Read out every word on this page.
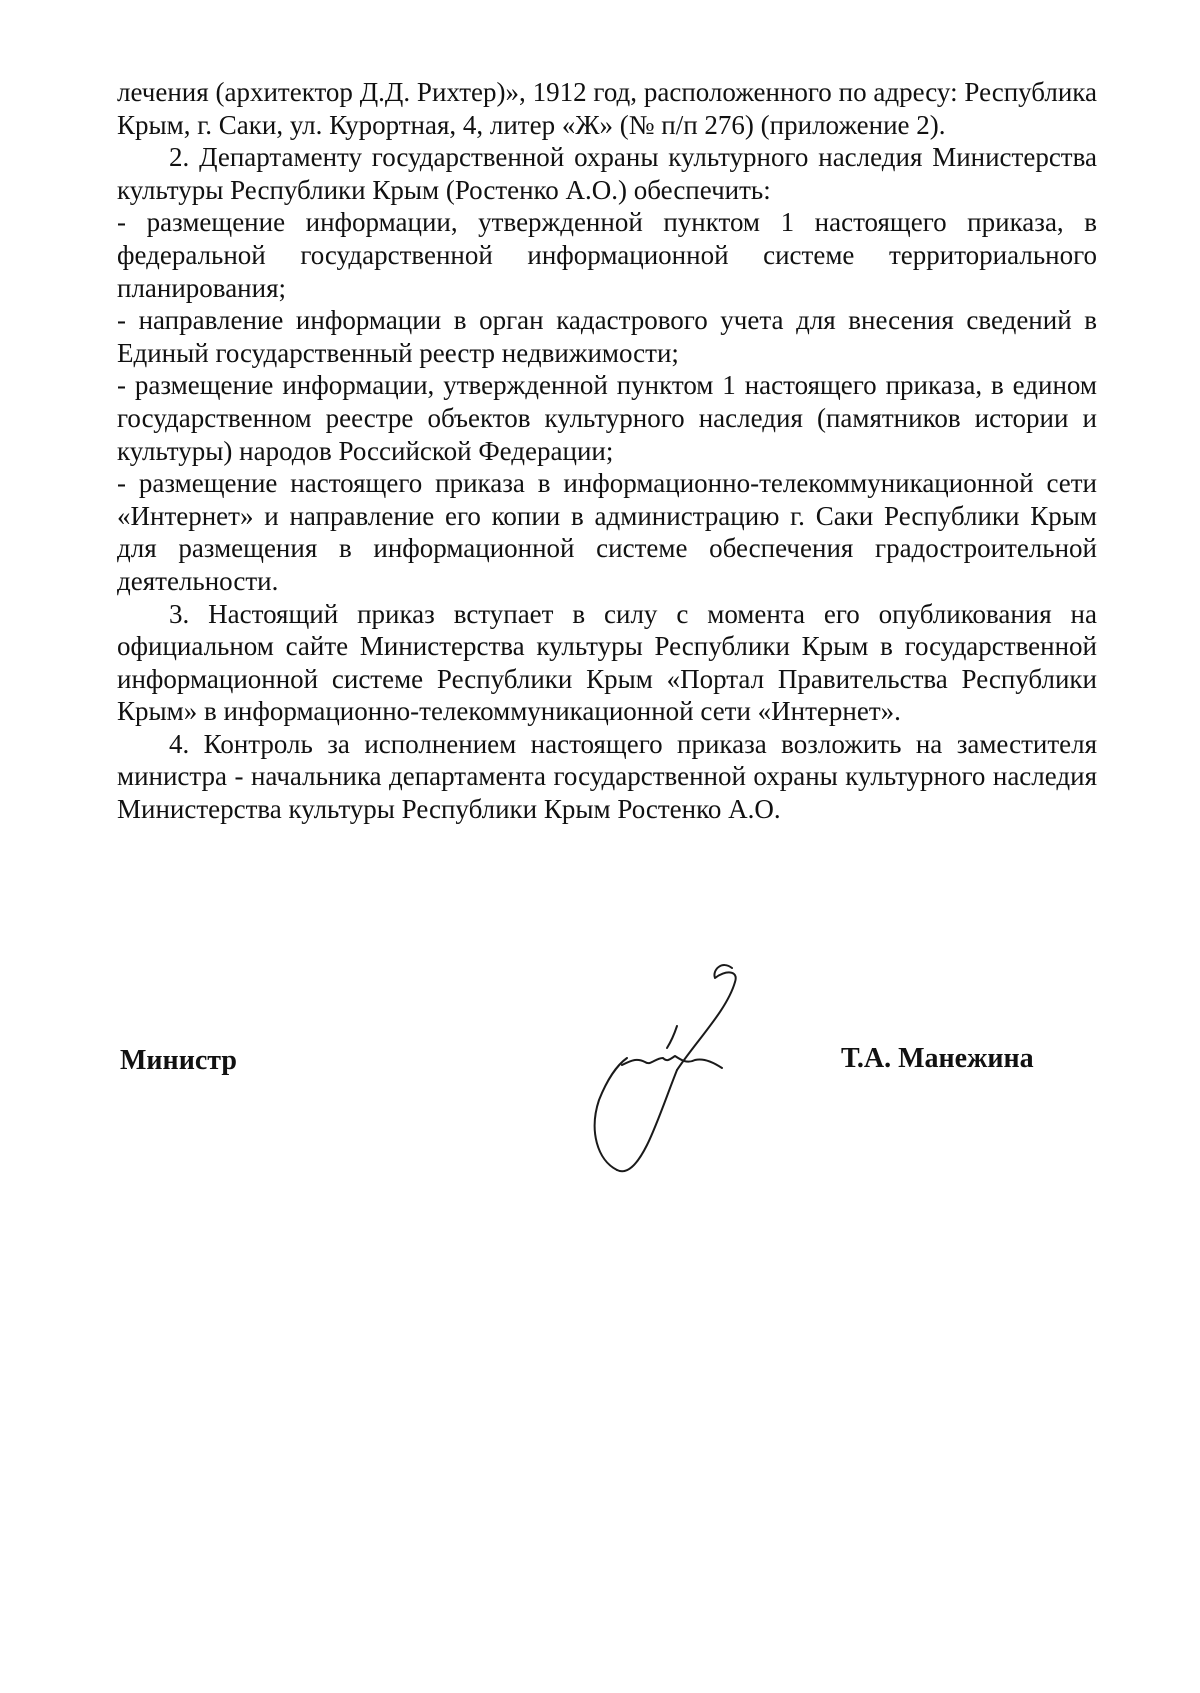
лечения (архитектор Д.Д. Рихтер)», 1912 год, расположенного по адресу: Республика Крым, г. Саки, ул. Курортная, 4, литер «Ж» (№ п/п 276) (приложение 2).

2. Департаменту государственной охраны культурного наследия Министерства культуры Республики Крым (Ростенко А.О.) обеспечить:

- размещение информации, утвержденной пунктом 1 настоящего приказа, в федеральной государственной информационной системе территориального планирования;

- направление информации в орган кадастрового учета для внесения сведений в Единый государственный реестр недвижимости;

- размещение информации, утвержденной пунктом 1 настоящего приказа, в едином государственном реестре объектов культурного наследия (памятников истории и культуры) народов Российской Федерации;

- размещение настоящего приказа в информационно-телекоммуникационной сети «Интернет» и направление его копии в администрацию г. Саки Республики Крым для размещения в информационной системе обеспечения градостроительной деятельности.

3. Настоящий приказ вступает в силу с момента его опубликования на официальном сайте Министерства культуры Республики Крым в государственной информационной системе Республики Крым «Портал Правительства Республики Крым» в информационно-телекоммуникационной сети «Интернет».

4. Контроль за исполнением настоящего приказа возложить на заместителя министра - начальника департамента государственной охраны культурного наследия Министерства культуры Республики Крым Ростенко А.О.

Министр	Т.А. Манежина
